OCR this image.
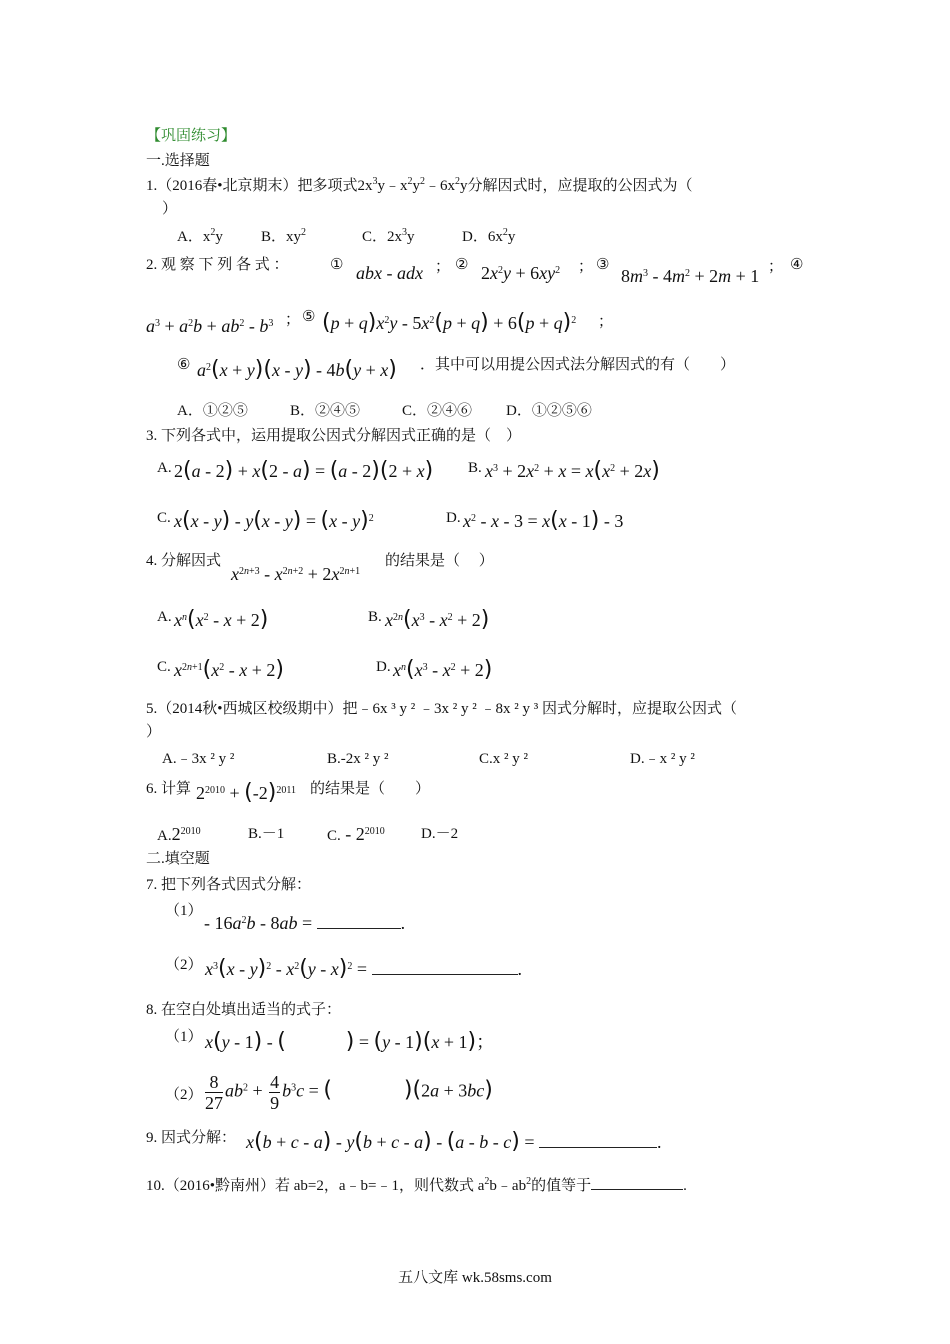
【巩固练习】
一.选择题
1.（2016春•北京期末）把多项式$2x^3y﹣x^2y^2﹣6x^2y$分解因式时，应提取的公因式为（
）
A．$x^2y$	B．$xy^2$	C．$2x^3y$	D．$6x^2y$
2. 观 察 下 列 各 式 ：	① abx - adx ； ② $2x^2y + 6xy^2$ ； ③
$8m^3 - 4m^2 + 2m + 1$ ； ④
$a^3 + a^2b + ab^2 - b^3$ ； ⑤ $(p + q)x^2y - 5x^2(p + q) + 6(p + q)^2$ ；
⑥ $a^2(x + y)(x - y) - 4b(y + x)$ ．其中可以用提公因式法分解因式的有（　　）
A．①②⑤	B．②④⑤	C．②④⑥ D．①②⑤⑥
3. 下列各式中，运用提取公因式分解因式正确的是（　）
A. 2(a - 2) + x(2 - a) = (a - 2)(2 + x) B. $x^3 + 2x^2 + x = x(x^2 + 2x)$
C. x(x - y) - y(x - y) = (x - y)$^2$	D. $x^2 - x - 3 = x(x - 1) - 3$
4. 分解因式
$x^{2n+3} - x^{2n+2} + 2x^{2n+1}$
的结果是（　 ）
A. $x^n(x^2 - x + 2)$	B. $x^{2n}(x^3 - x^2 + 2)$
C. $x^{2n+1}(x^2 - x + 2)$	D. $x^n(x^3 - x^2 + 2)$
5.（2014秋•西城区校级期中）把﹣6x ³ y ² ﹣3x ² y ² ﹣8x ² y ³ 因式分解时，应提取公因式（
）
A.﹣3x ² y ²	B.-2x ² y ²	C.x ² y ²	D.﹣x ² y ²
6. 计算 $2^{2010} + (-2)^{2011}$ 的结果是（　　）
$A.2^{2010}$	B.－1	C. - $2^{2010}$ D.－2
二.填空题
7. 把下列各式因式分解：
（1）
- $16a^2b - 8ab$ =	.
（2） $x^3(x - y)^2 - x^2(y - x)^2$ =	.
8. 在空白处填出适当的式子：
（1） x(y - 1) - (	) = (y - 1)(x + 1)；
$(2) \frac{8}{27} ab^2 + \frac{4}{9} b^3c$ = (	)(2a + 3bc)
9. 因式分解： x(b + c - a) - y(b + c - a) - (a - b - c) =	.
10.（2016•黔南州）若 ab=2，a﹣b=﹣1，则代数式 $a^2b﹣ab^2$的值等于	.
五八文库 wk.58sms.com
